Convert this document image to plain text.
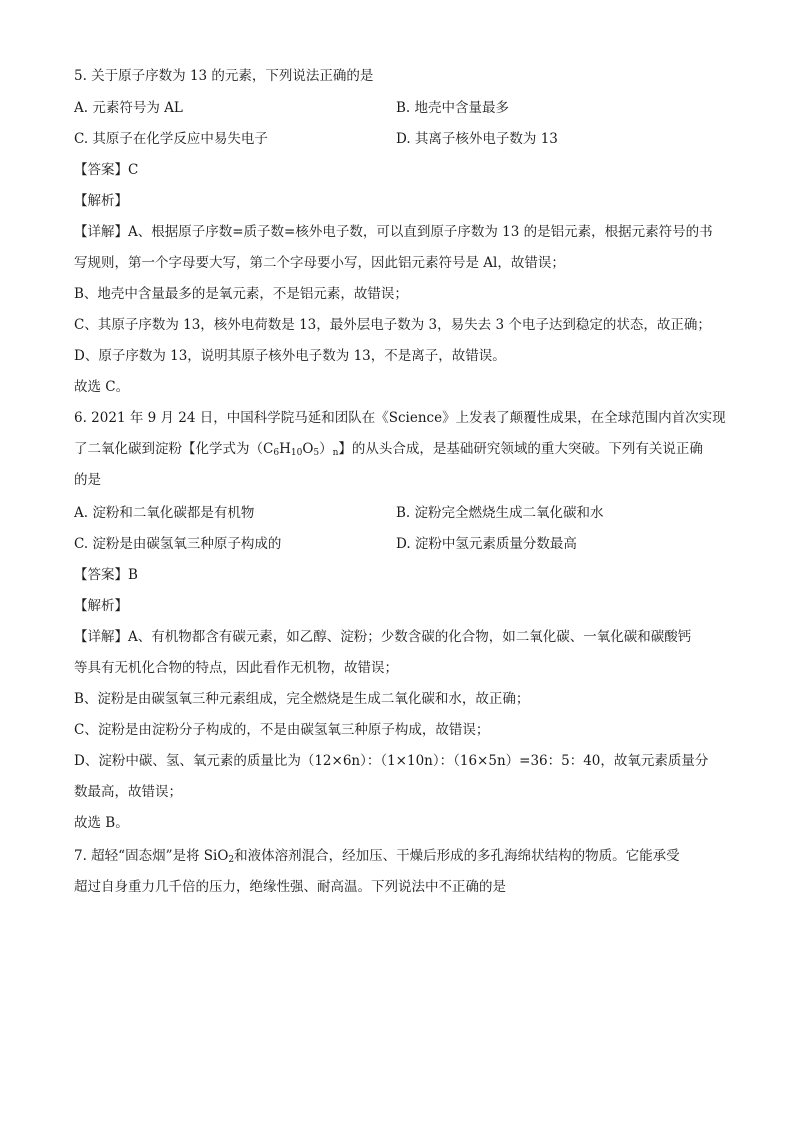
5. 关于原子序数为 13 的元素，下列说法正确的是
A. 元素符号为 AL	B. 地壳中含量最多
C. 其原子在化学反应中易失电子	D. 其离子核外电子数为 13
【答案】C
【解析】
【详解】A、根据原子序数=质子数=核外电子数，可以直到原子序数为 13 的是铝元素，根据元素符号的书
写规则，第一个字母要大写，第二个字母要小写，因此铝元素符号是 Al，故错误；
B、地壳中含量最多的是氧元素，不是铝元素，故错误；
C、其原子序数为 13，核外电荷数是 13，最外层电子数为 3，易失去 3 个电子达到稳定的状态，故正确；
D、原子序数为 13，说明其原子核外电子数为 13，不是离子，故错误。
故选 C。
6. 2021 年 9 月 24 日，中国科学院马延和团队在《Science》上发表了颠覆性成果，在全球范围内首次实现
了二氧化碳到淀粉【化学式为$(C_6H_{10}O_5)_n$】的从头合成，是基础研究领域的重大突破。下列有关说正确
的是
A. 淀粉和二氧化碳都是有机物	B. 淀粉完全燃烧生成二氧化碳和水
C. 淀粉是由碳氢氧三种原子构成的	D. 淀粉中氢元素质量分数最高
【答案】B
【解析】
【详解】A、有机物都含有碳元素，如乙醇、淀粉；少数含碳的化合物，如二氧化碳、一氧化碳和碳酸钙
等具有无机化合物的特点，因此看作无机物，故错误；
B、淀粉是由碳氢氧三种元素组成，完全燃烧是生成二氧化碳和水，故正确；
C、淀粉是由淀粉分子构成的，不是由碳氢氧三种原子构成，故错误；
D、淀粉中碳、氢、氧元素的质量比为（12×6n）：（1×10n）：（16×5n）=36：5：40，故氧元素质量分
数最高，故错误；
故选 B。
7. 超轻“固态烟”是将 SiO$_2$和液体溶剂混合，经加压、干燥后形成的多孔海绵状结构的物质。它能承受
超过自身重力几千倍的压力，绝缘性强、耐高温。下列说法中不正确的是
